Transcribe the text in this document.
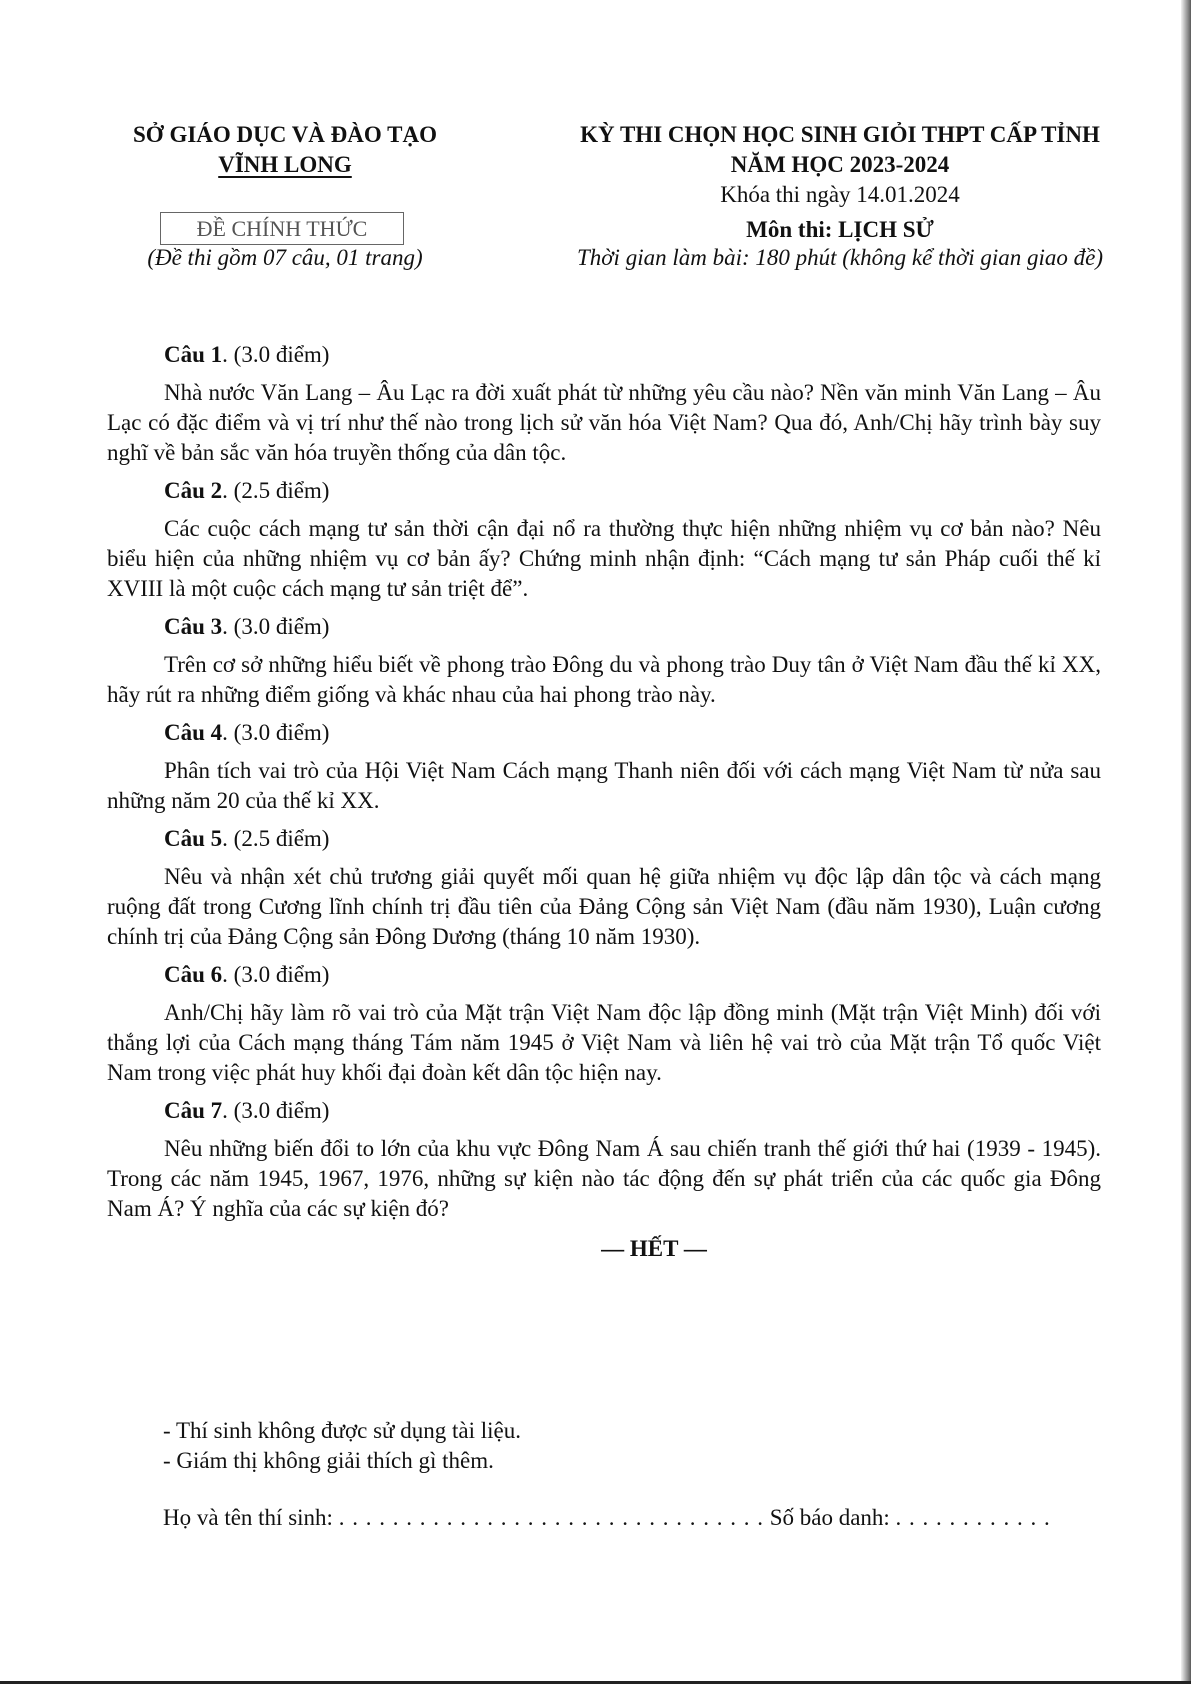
SỞ GIÁO DỤC VÀ ĐÀO TẠO
VĨNH LONG
ĐỀ CHÍNH THỨC
(Đề thi gồm 07 câu, 01 trang)
KỲ THI CHỌN HỌC SINH GIỎI THPT CẤP TỈNH
NĂM HỌC 2023-2024
Khóa thi ngày 14.01.2024
Môn thi: LỊCH SỬ
Thời gian làm bài: 180 phút (không kể thời gian giao đề)
Câu 1. (3.0 điểm)

Nhà nước Văn Lang – Âu Lạc ra đời xuất phát từ những yêu cầu nào? Nền văn minh Văn Lang – Âu Lạc có đặc điểm và vị trí như thế nào trong lịch sử văn hóa Việt Nam? Qua đó, Anh/Chị hãy trình bày suy nghĩ về bản sắc văn hóa truyền thống của dân tộc.

Câu 2. (2.5 điểm)

Các cuộc cách mạng tư sản thời cận đại nổ ra thường thực hiện những nhiệm vụ cơ bản nào? Nêu biểu hiện của những nhiệm vụ cơ bản ấy? Chứng minh nhận định: “Cách mạng tư sản Pháp cuối thế kỉ XVIII là một cuộc cách mạng tư sản triệt để”.

Câu 3. (3.0 điểm)

Trên cơ sở những hiểu biết về phong trào Đông du và phong trào Duy tân ở Việt Nam đầu thế kỉ XX, hãy rút ra những điểm giống và khác nhau của hai phong trào này.

Câu 4. (3.0 điểm)

Phân tích vai trò của Hội Việt Nam Cách mạng Thanh niên đối với cách mạng Việt Nam từ nửa sau những năm 20 của thế kỉ XX.

Câu 5. (2.5 điểm)

Nêu và nhận xét chủ trương giải quyết mối quan hệ giữa nhiệm vụ độc lập dân tộc và cách mạng ruộng đất trong Cương lĩnh chính trị đầu tiên của Đảng Cộng sản Việt Nam (đầu năm 1930), Luận cương chính trị của Đảng Cộng sản Đông Dương (tháng 10 năm 1930).

Câu 6. (3.0 điểm)

Anh/Chị hãy làm rõ vai trò của Mặt trận Việt Nam độc lập đồng minh (Mặt trận Việt Minh) đối với thắng lợi của Cách mạng tháng Tám năm 1945 ở Việt Nam và liên hệ vai trò của Mặt trận Tổ quốc Việt Nam trong việc phát huy khối đại đoàn kết dân tộc hiện nay.

Câu 7. (3.0 điểm)

Nêu những biến đổi to lớn của khu vực Đông Nam Á sau chiến tranh thế giới thứ hai (1939 - 1945). Trong các năm 1945, 1967, 1976, những sự kiện nào tác động đến sự phát triển của các quốc gia Đông Nam Á? Ý nghĩa của các sự kiện đó?

— HẾT —
- Thí sinh không được sử dụng tài liệu.
- Giám thị không giải thích gì thêm.
Họ và tên thí sinh: . . . . . . . . . . . . . . . . . . . . . . . . . . . . . . . . Số báo danh: . . . . . . . . . . . .
